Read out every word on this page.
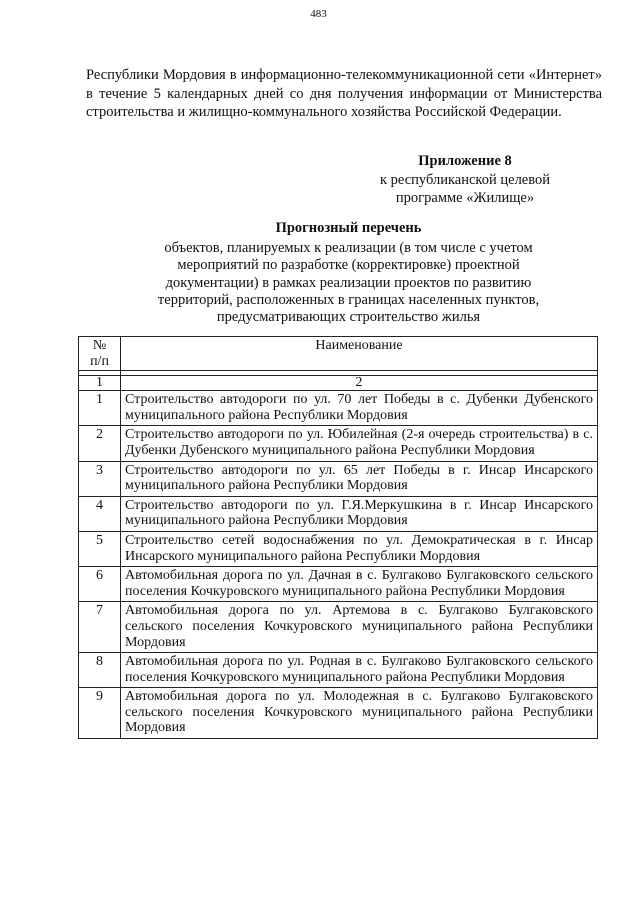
483

Республики Мордовия в информационно-телекоммуникационной сети «Интернет» в течение 5 календарных дней со дня получения информации от Министерства строительства и жилищно-коммунального хозяйства Российской Федерации.

Приложение 8
к республиканской целевой
программе «Жилище»
Прогнозный перечень
объектов, планируемых к реализации (в том числе с учетом
мероприятий по разработке (корректировке) проектной
документации) в рамках реализации проектов по развитию
территорий, расположенных в границах населенных пунктов,
предусматривающих строительство жилья
№
п/п	Наименование

1	2
1	Строительство автодороги по ул. 70 лет Победы в с. Дубенки Дубенского муниципального района Республики Мордовия
2	Строительство автодороги по ул. Юбилейная (2-я очередь строительства) в с. Дубенки Дубенского муниципального района Республики Мордовия
3	Строительство автодороги по ул. 65 лет Победы в г. Инсар Инсарского муниципального района Республики Мордовия
4	Строительство автодороги по ул. Г.Я.Меркушкина в г. Инсар Инсарского муниципального района Республики Мордовия
5	Строительство сетей водоснабжения по ул. Демократическая в г. Инсар Инсарского муниципального района Республики Мордовия
6	Автомобильная дорога по ул. Дачная в с. Булгаково Булгаковского сельского поселения Кочкуровского муниципального района Республики Мордовия
7	Автомобильная дорога по ул. Артемова в с. Булгаково Булгаковского сельского поселения Кочкуровского муниципального района Республики Мордовия
8	Автомобильная дорога по ул. Родная в с. Булгаково Булгаковского сельского поселения Кочкуровского муниципального района Республики Мордовия
9	Автомобильная дорога по ул. Молодежная в с. Булгаково Булгаковского сельского поселения Кочкуровского муниципального района Республики Мордовия
